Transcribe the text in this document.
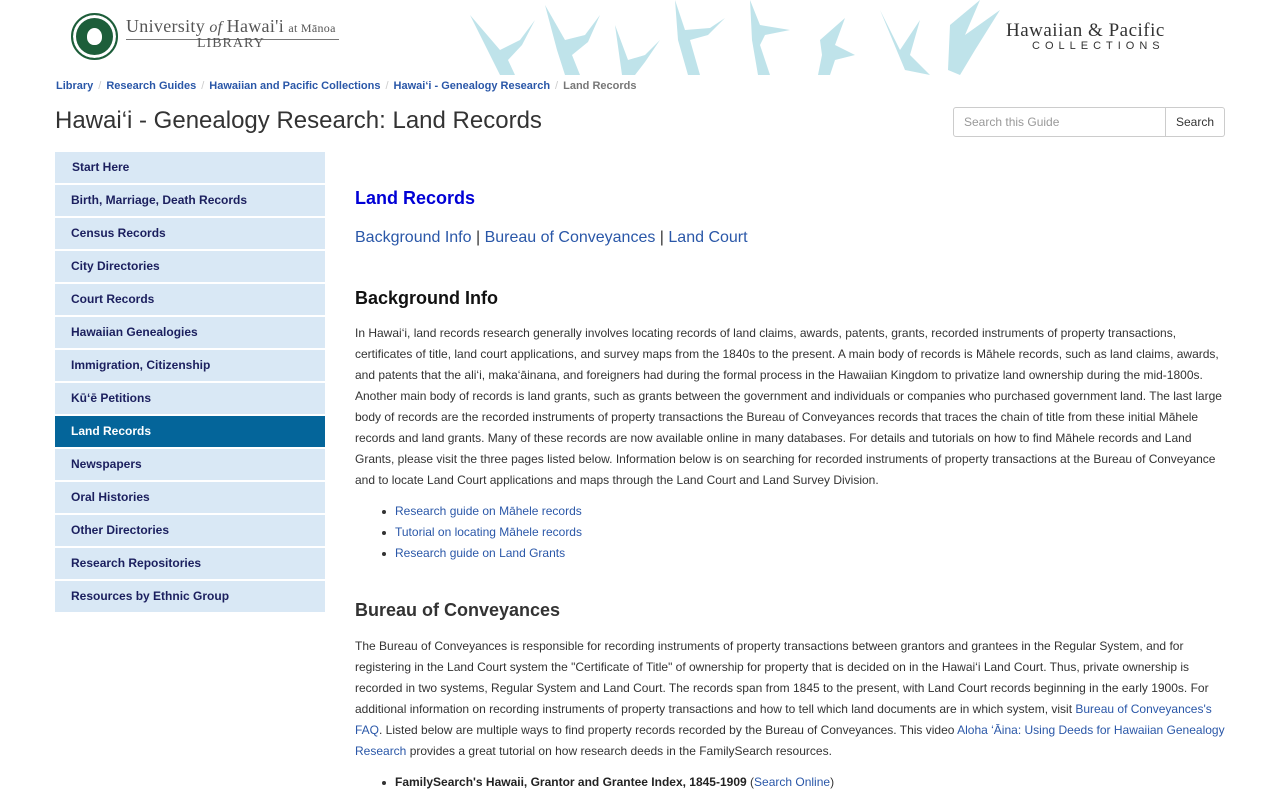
University of Hawai'i at Mānoa
LIBRARY
Hawaiian & Pacific
COLLECTIONS
Library / Research Guides / Hawaiian and Pacific Collections / Hawai‘i - Genealogy Research / Land Records
Hawai‘i - Genealogy Research: Land Records
Search this Guide	Search
Start Here
Birth, Marriage, Death Records
Census Records
City Directories
Court Records
Hawaiian Genealogies
Immigration, Citizenship
Kū‘ē Petitions
Land Records
Newspapers
Oral Histories
Other Directories
Research Repositories
Resources by Ethnic Group
Land Records
Background Info | Bureau of Conveyances | Land Court
Background Info

In Hawai‘i, land records research generally involves locating records of land claims, awards, patents, grants, recorded instruments of property transactions, certificates of title, land court applications, and survey maps from the 1840s to the present. A main body of records is Māhele records, such as land claims, awards, and patents that the ali‘i, maka‘āinana, and foreigners had during the formal process in the Hawaiian Kingdom to privatize land ownership during the mid-1800s. Another main body of records is land grants, such as grants between the government and individuals or companies who purchased government land. The last large body of records are the recorded instruments of property transactions the Bureau of Conveyances records that traces the chain of title from these initial Māhele records and land grants. Many of these records are now available online in many databases. For details and tutorials on how to find Māhele records and Land Grants, please visit the three pages listed below. Information below is on searching for recorded instruments of property transactions at the Bureau of Conveyance and to locate Land Court applications and maps through the Land Court and Land Survey Division.

Research guide on Māhele records
Tutorial on locating Māhele records
Research guide on Land Grants
Bureau of Conveyances

The Bureau of Conveyances is responsible for recording instruments of property transactions between grantors and grantees in the Regular System, and for registering in the Land Court system the "Certificate of Title" of ownership for property that is decided on in the Hawai‘i Land Court. Thus, private ownership is recorded in two systems, Regular System and Land Court. The records span from 1845 to the present, with Land Court records beginning in the early 1900s. For additional information on recording instruments of property transactions and how to tell which land documents are in which system, visit Bureau of Conveyances's FAQ. Listed below are multiple ways to find property records recorded by the Bureau of Conveyances. This video Aloha ‘Āina: Using Deeds for Hawaiian Genealogy Research provides a great tutorial on how research deeds in the FamilySearch resources.

FamilySearch's Hawaii, Grantor and Grantee Index, 1845-1909 (Search Online)
